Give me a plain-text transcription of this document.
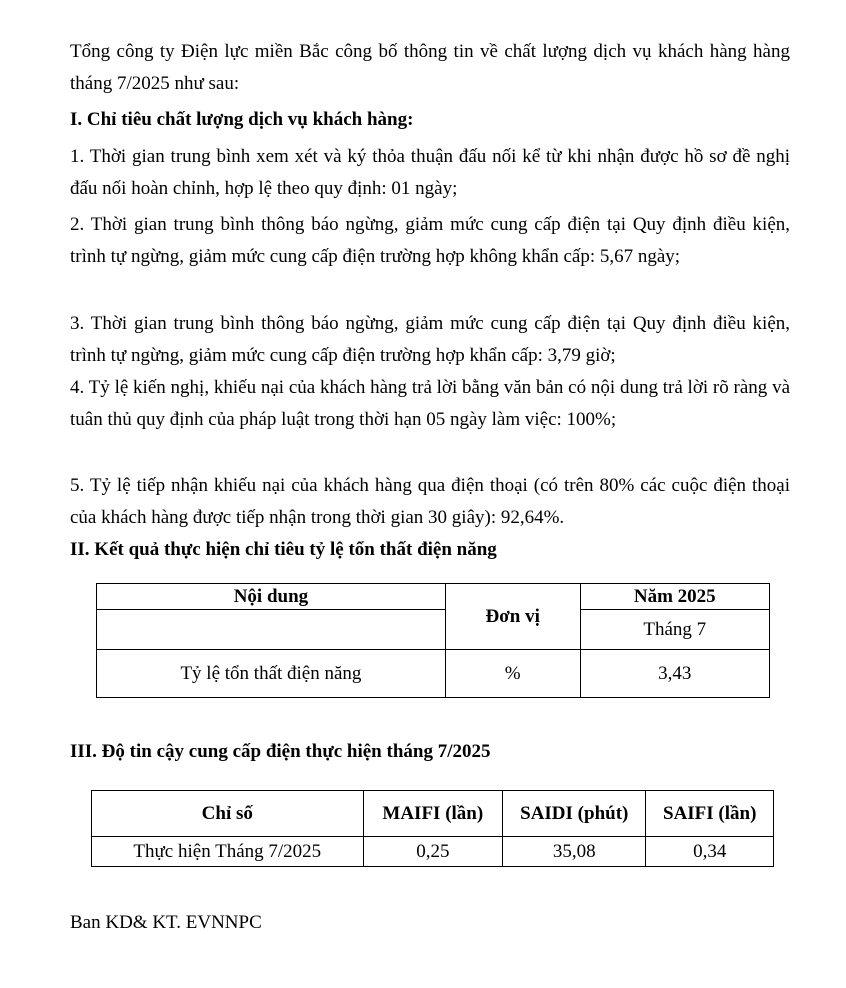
Tổng công ty Điện lực miền Bắc công bố thông tin về chất lượng dịch vụ khách hàng hàng tháng 7/2025 như sau:

I. Chỉ tiêu chất lượng dịch vụ khách hàng:

1. Thời gian trung bình xem xét và ký thỏa thuận đấu nối kể từ khi nhận được hồ sơ đề nghị đấu nối hoàn chỉnh, hợp lệ theo quy định: 01 ngày;

2. Thời gian trung bình thông báo ngừng, giảm mức cung cấp điện tại Quy định điều kiện, trình tự ngừng, giảm mức cung cấp điện trường hợp không khẩn cấp: 5,67 ngày;

3. Thời gian trung bình thông báo ngừng, giảm mức cung cấp điện tại Quy định điều kiện, trình tự ngừng, giảm mức cung cấp điện trường hợp khẩn cấp: 3,79 giờ;

4. Tỷ lệ kiến nghị, khiếu nại của khách hàng trả lời bằng văn bản có nội dung trả lời rõ ràng và tuân thủ quy định của pháp luật trong thời hạn 05 ngày làm việc: 100%;

5. Tỷ lệ tiếp nhận khiếu nại của khách hàng qua điện thoại (có trên 80% các cuộc điện thoại của khách hàng được tiếp nhận trong thời gian 30 giây): 92,64%.

II. Kết quả thực hiện chỉ tiêu tỷ lệ tổn thất điện năng

Nội dung	Đơn vị	Năm 2025
		Tháng 7
Tỷ lệ tổn thất điện năng	%	3,43

III. Độ tin cậy cung cấp điện thực hiện tháng 7/2025

Chỉ số	MAIFI (lần)	SAIDI (phút)	SAIFI (lần)
Thực hiện Tháng 7/2025	0,25	35,08	0,34
Ban KD& KT. EVNNPC
